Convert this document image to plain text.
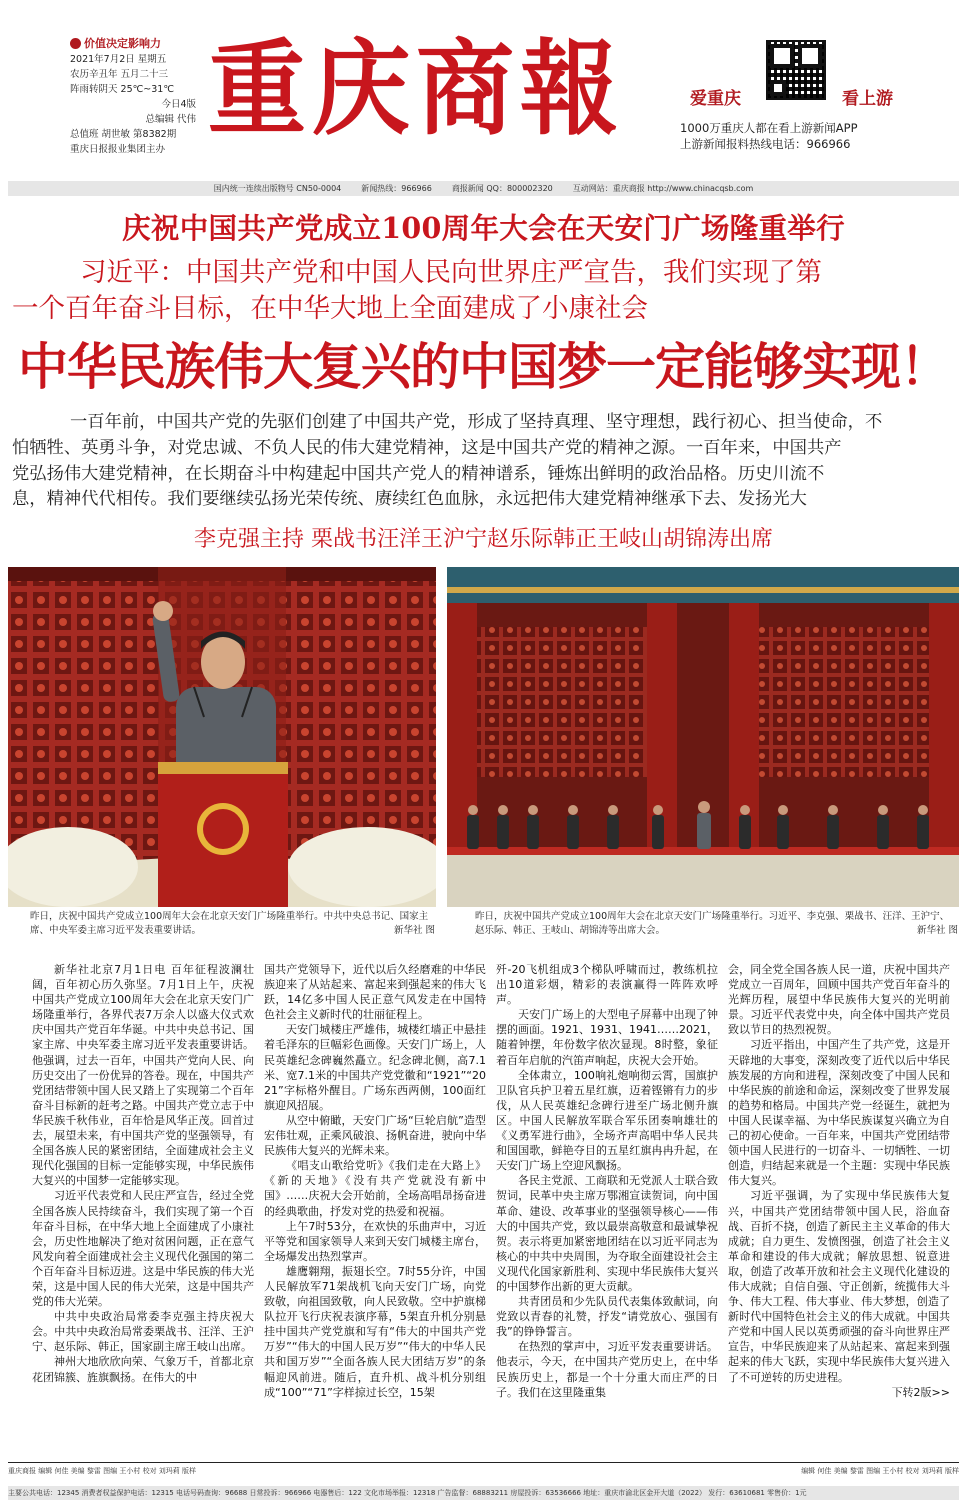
价值决定影响力
2021年7月2日 星期五
农历辛丑年 五月二十三
阵雨转阴天 25℃~31℃
今日4版
总编辑 代伟
总值班 胡世敏 第8382期
重庆日报报业集团主办 重庆商報	爱重庆	看上游
1000万重庆人都在看上游新闻APP
上游新闻报料热线电话：966966
国内统一连续出版物号 CN50-0004	新闻热线：966966	商报新闻 QQ：800002320	互动网站：重庆商报 http://www.chinacqsb.com
庆祝中国共产党成立100周年大会在天安门广场隆重举行

习近平：中国共产党和中国人民向世界庄严宣告，我们实现了第

一个百年奋斗目标，在中华大地上全面建成了小康社会

中华民族伟大复兴的中国梦一定能够实现！

一百年前，中国共产党的先驱们创建了中国共产党，形成了坚持真理、坚守理想，践行初心、担当使命，不

怕牺牲、英勇斗争，对党忠诚、不负人民的伟大建党精神，这是中国共产党的精神之源。一百年来，中国共产

党弘扬伟大建党精神，在长期奋斗中构建起中国共产党人的精神谱系，锤炼出鲜明的政治品格。历史川流不

息，精神代代相传。我们要继续弘扬光荣传统、赓续红色血脉，永远把伟大建党精神继承下去、发扬光大

李克强主持 栗战书汪洋王沪宁赵乐际韩正王岐山胡锦涛出席
昨日，庆祝中国共产党成立100周年大会在北京天安门广场隆重举行。中共中央总书记、国家主席、中央军委主席习近平发表重要讲话。	新华社 图
昨日，庆祝中国共产党成立100周年大会在北京天安门广场隆重举行。习近平、李克强、栗战书、汪洋、王沪宁、赵乐际、韩正、王岐山、胡锦涛等出席大会。	新华社 图

新华社北京7月1日电 百年征程波澜壮阔，百年初心历久弥坚。7月1日上午，庆祝中国共产党成立100周年大会在北京天安门广场隆重举行，各界代表7万余人以盛大仪式欢庆中国共产党百年华诞。中共中央总书记、国家主席、中央军委主席习近平发表重要讲话。他强调，过去一百年，中国共产党向人民、向历史交出了一份优异的答卷。现在，中国共产党团结带领中国人民又踏上了实现第二个百年奋斗目标新的赶考之路。中国共产党立志于中华民族千秋伟业，百年恰是风华正茂。回首过去，展望未来，有中国共产党的坚强领导，有全国各族人民的紧密团结，全面建成社会主义现代化强国的目标一定能够实现，中华民族伟大复兴的中国梦一定能够实现。

习近平代表党和人民庄严宣告，经过全党全国各族人民持续奋斗，我们实现了第一个百年奋斗目标，在中华大地上全面建成了小康社会，历史性地解决了绝对贫困问题，正在意气风发向着全面建成社会主义现代化强国的第二个百年奋斗目标迈进。这是中华民族的伟大光荣，这是中国人民的伟大光荣，这是中国共产党的伟大光荣。

中共中央政治局常委李克强主持庆祝大会。中共中央政治局常委栗战书、汪洋、王沪宁、赵乐际、韩正，国家副主席王岐山出席。

神州大地欣欣向荣、气象万千，首都北京花团锦簇、旌旗飘扬。在伟大的中

国共产党领导下，近代以后久经磨难的中华民族迎来了从站起来、富起来到强起来的伟大飞跃，14亿多中国人民正意气风发走在中国特色社会主义新时代的壮丽征程上。

天安门城楼庄严雄伟，城楼红墙正中悬挂着毛泽东的巨幅彩色画像。天安门广场上，人民英雄纪念碑巍然矗立。纪念碑北侧，高7.1米、宽7.1米的中国共产党党徽和“1921”“2021”字标格外醒目。广场东西两侧，100面红旗迎风招展。

从空中俯瞰，天安门广场“巨轮启航”造型宏伟壮观，正乘风破浪、扬帆奋进，驶向中华民族伟大复兴的光辉未来。

《唱支山歌给党听》《我们走在大路上》《新的天地》《没有共产党就没有新中国》……庆祝大会开始前，全场高唱昂扬奋进的经典歌曲，抒发对党的热爱和祝福。

上午7时53分，在欢快的乐曲声中，习近平等党和国家领导人来到天安门城楼主席台，全场爆发出热烈掌声。

雄鹰翱翔，振翅长空。7时55分许，中国人民解放军71架战机飞向天安门广场，向党致敬，向祖国致敬，向人民致敬。空中护旗梯队拉开飞行庆祝表演序幕，5架直升机分别悬挂中国共产党党旗和写有“伟大的中国共产党万岁”“伟大的中国人民万岁”“伟大的中华人民共和国万岁”“全面各族人民大团结万岁”的条幅迎风前进。随后，直升机、战斗机分别组成“100”“71”字样掠过长空，15架

歼-20飞机组成3个梯队呼啸而过，教练机拉出10道彩烟，精彩的表演赢得一阵阵欢呼声。

天安门广场上的大型电子屏幕中出现了钟摆的画面。1921、1931、1941……2021，随着钟摆，年份数字依次显现。8时整，象征着百年启航的汽笛声响起，庆祝大会开始。

全体肃立，100响礼炮响彻云霄，国旗护卫队官兵护卫着五星红旗，迈着铿锵有力的步伐，从人民英雄纪念碑行进至广场北侧升旗区。中国人民解放军联合军乐团奏响雄壮的《义勇军进行曲》，全场齐声高唱中华人民共和国国歌，鲜艳夺目的五星红旗冉冉升起，在天安门广场上空迎风飘扬。

各民主党派、工商联和无党派人士联合致贺词，民革中央主席万鄂湘宣读贺词，向中国革命、建设、改革事业的坚强领导核心——伟大的中国共产党，致以最崇高敬意和最诚挚祝贺。表示将更加紧密地团结在以习近平同志为核心的中共中央周围，为夺取全面建设社会主义现代化国家新胜利、实现中华民族伟大复兴的中国梦作出新的更大贡献。

共青团员和少先队员代表集体致献词，向党致以青春的礼赞，抒发“请党放心、强国有我”的铮铮誓言。

在热烈的掌声中，习近平发表重要讲话。他表示，今天，在中国共产党历史上，在中华民族历史上，都是一个十分重大而庄严的日子。我们在这里隆重集

会，同全党全国各族人民一道，庆祝中国共产党成立一百周年，回顾中国共产党百年奋斗的光辉历程，展望中华民族伟大复兴的光明前景。习近平代表党中央，向全体中国共产党员致以节日的热烈祝贺。

习近平指出，中国产生了共产党，这是开天辟地的大事变，深刻改变了近代以后中华民族发展的方向和进程，深刻改变了中国人民和中华民族的前途和命运，深刻改变了世界发展的趋势和格局。中国共产党一经诞生，就把为中国人民谋幸福、为中华民族谋复兴确立为自己的初心使命。一百年来，中国共产党团结带领中国人民进行的一切奋斗、一切牺牲、一切创造，归结起来就是一个主题：实现中华民族伟大复兴。

习近平强调，为了实现中华民族伟大复兴，中国共产党团结带领中国人民，浴血奋战、百折不挠，创造了新民主主义革命的伟大成就；自力更生、发愤图强，创造了社会主义革命和建设的伟大成就；解放思想、锐意进取，创造了改革开放和社会主义现代化建设的伟大成就；自信自强、守正创新，统揽伟大斗争、伟大工程、伟大事业、伟大梦想，创造了新时代中国特色社会主义的伟大成就。中国共产党和中国人民以英勇顽强的奋斗向世界庄严宣告，中华民族迎来了从站起来、富起来到强起来的伟大飞跃，实现中华民族伟大复兴进入了不可逆转的历史进程。

下转2版>>
重庆商报 编辑 何佳 美编 黎雷 图编 王小村 校对 刘玛莉 版样	编辑 何佳 美编 黎雷 图编 王小村 校对 刘玛莉 版样
主要公共电话：12345 消费者权益保护电话：12315 电话号码查询：96688 日常投诉：966966 电器售后：122 文化市场举报：12318 广告监督：68883211 房屋投诉：63536666 地址：重庆市渝北区金开大道（2022） 发行：63610681 零售价：1元
